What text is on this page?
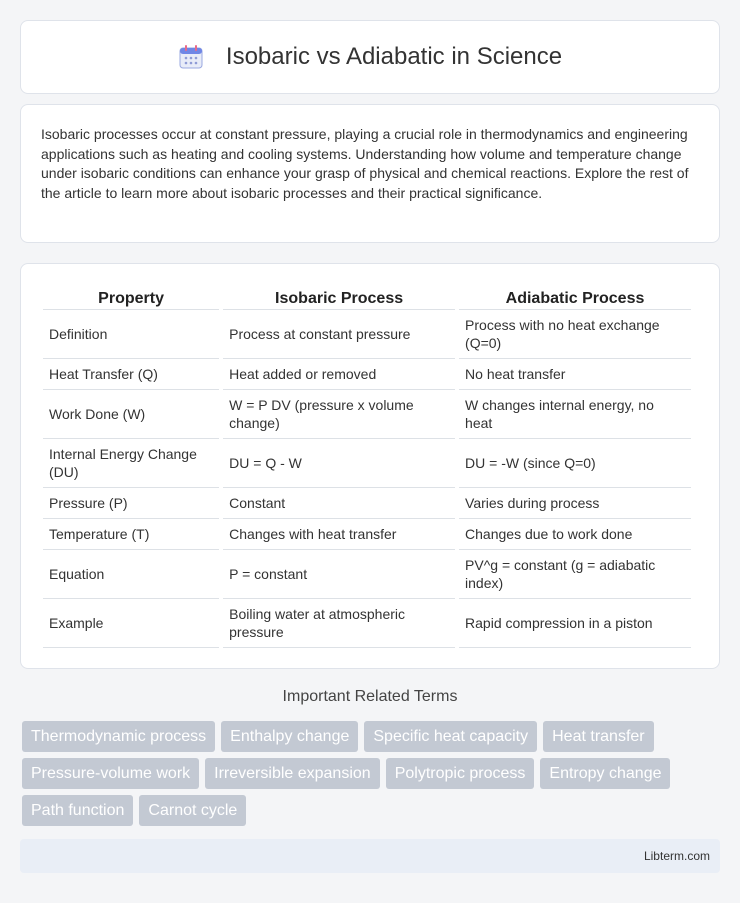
Isobaric vs Adiabatic in Science

Isobaric processes occur at constant pressure, playing a crucial role in thermodynamics and engineering applications such as heating and cooling systems. Understanding how volume and temperature change under isobaric conditions can enhance your grasp of physical and chemical reactions. Explore the rest of the article to learn more about isobaric processes and their practical significance.

Property	Isobaric Process	Adiabatic Process
Definition	Process at constant pressure	Process with no heat exchange (Q=0)
Heat Transfer (Q)	Heat added or removed	No heat transfer
Work Done (W)	W = P DV (pressure x volume change)	W changes internal energy, no heat
Internal Energy Change (DU)	DU = Q - W	DU = -W (since Q=0)
Pressure (P)	Constant	Varies during process
Temperature (T)	Changes with heat transfer	Changes due to work done
Equation	P = constant	PV^g = constant (g = adiabatic index)
Example	Boiling water at atmospheric pressure	Rapid compression in a piston
Important Related Terms
Thermodynamic process	Enthalpy change	Specific heat capacity	Heat transfer
Pressure-volume work	Irreversible expansion	Polytropic process	Entropy change
Path function	Carnot cycle
Libterm.com
